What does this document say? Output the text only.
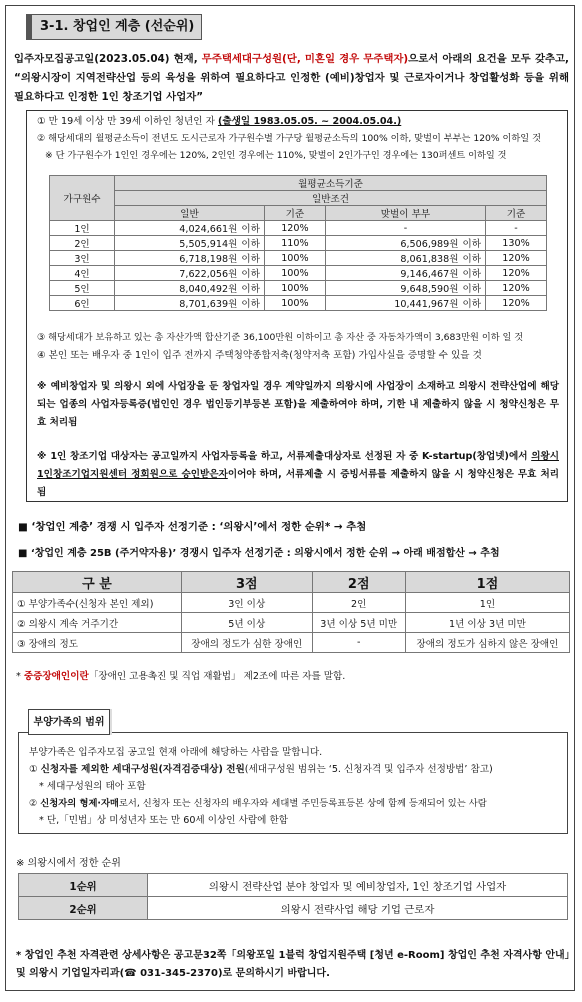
3-1. 창업인 계층 (선순위)
입주자모집공고일(2023.05.04) 현재, 무주택세대구성원(단, 미혼일 경우 무주택자)으로서 아래의 요건을 모두 갖추고, “의왕시장이 지역전략산업 등의 육성을 위하여 필요하다고 인정한 (예비)창업자 및 근로자이거나 창업활성화 등을 위해 필요하다고 인정한 1인 창조기업 사업자”
① 만 19세 이상 만 39세 이하인 청년인 자 (출생일 1983.05.05. ~ 2004.05.04.)
② 해당세대의 월평균소득이 전년도 도시근로자 가구원수별 가구당 월평균소득의 100% 이하, 맞벌이 부부는 120% 이하일 것
※ 단 가구원수가 1인인 경우에는 120%, 2인인 경우에는 110%, 맞벌이 2인가구인 경우에는 130퍼센트 이하일 것
가구원수	월평균소득기준			
	일반조건			
	일반	기준	맞벌이 부부	기준
1인	4,024,661원 이하	120%	-	-
2인	5,505,914원 이하	110%	6,506,989원 이하	130%
3인	6,718,198원 이하	100%	8,061,838원 이하	120%
4인	7,622,056원 이하	100%	9,146,467원 이하	120%
5인	8,040,492원 이하	100%	9,648,590원 이하	120%
6인	8,701,639원 이하	100%	10,441,967원 이하	120%
③ 해당세대가 보유하고 있는 총 자산가액 합산기준 36,100만원 이하이고 총 자산 중 자동차가액이 3,683만원 이하 일 것
④ 본인 또는 배우자 중 1인이 입주 전까지 주택청약종합저축(청약저축 포함) 가입사실을 증명할 수 있을 것
※ 예비창업자 및 의왕시 외에 사업장을 둔 창업자일 경우 계약일까지 의왕시에 사업장이 소재하고 의왕시 전략산업에 해당되는 업종의 사업자등록증(법인인 경우 법인등기부등본 포함)을 제출하여야 하며, 기한 내 제출하지 않을 시 청약신청은 무효 처리됨
※ 1인 창조기업 대상자는 공고일까지 사업자등록을 하고, 서류제출대상자로 선정된 자 중 K-startup(창업넷)에서 의왕시 1인창조기업지원센터 정회원으로 승인받은자이어야 하며, 서류제출 시 증빙서류를 제출하지 않을 시 청약신청은 무효 처리됨
■ ‘창업인 계층’ 경쟁 시 입주자 선정기준 : ‘의왕시’에서 정한 순위* → 추첨
■ ‘창업인 계층 25B (주거약자용)’ 경쟁시 입주자 선정기준 : 의왕시에서 정한 순위 → 아래 배점합산 → 추첨
구 분	3점	2점	1점
① 부양가족수(신청자 본인 제외)	3인 이상	2인	1인
② 의왕시 계속 거주기간	5년 이상	3년 이상 5년 미만	1년 이상 3년 미만
③ 장애의 정도	장애의 정도가 심한 장애인	-	장애의 정도가 심하지 않은 장애인
* 중증장애인이란「장애인 고용촉진 및 직업 재활법」 제2조에 따른 자를 말함.
부양가족은 입주자모집 공고일 현재 아래에 해당하는 사람을 말합니다.
① 신청자를 제외한 세대구성원(자격검증대상) 전원(세대구성원 범위는 ‘5. 신청자격 및 입주자 선정방법’ 참고)
* 세대구성원의 태아 포함
② 신청자의 형제·자매로서, 신청자 또는 신청자의 배우자와 세대별 주민등록표등본 상에 함께 등재되어 있는 사람
* 단,「민법」상 미성년자 또는 만 60세 이상인 사람에 한함
부양가족의 범위
※ 의왕시에서 정한 순위
1순위	의왕시 전략산업 분야 창업자 및 예비창업자, 1인 창조기업 사업자
2순위	의왕시 전략사업 해당 기업 근로자
* 창업인 추천 자격관련 상세사항은 공고문32쪽「의왕포일 1블럭 창업지원주택 [청년 e-Room] 창업인 추천 자격사항 안내」및 의왕시 기업일자리과(☎ 031-345-2370)로 문의하시기 바랍니다.
